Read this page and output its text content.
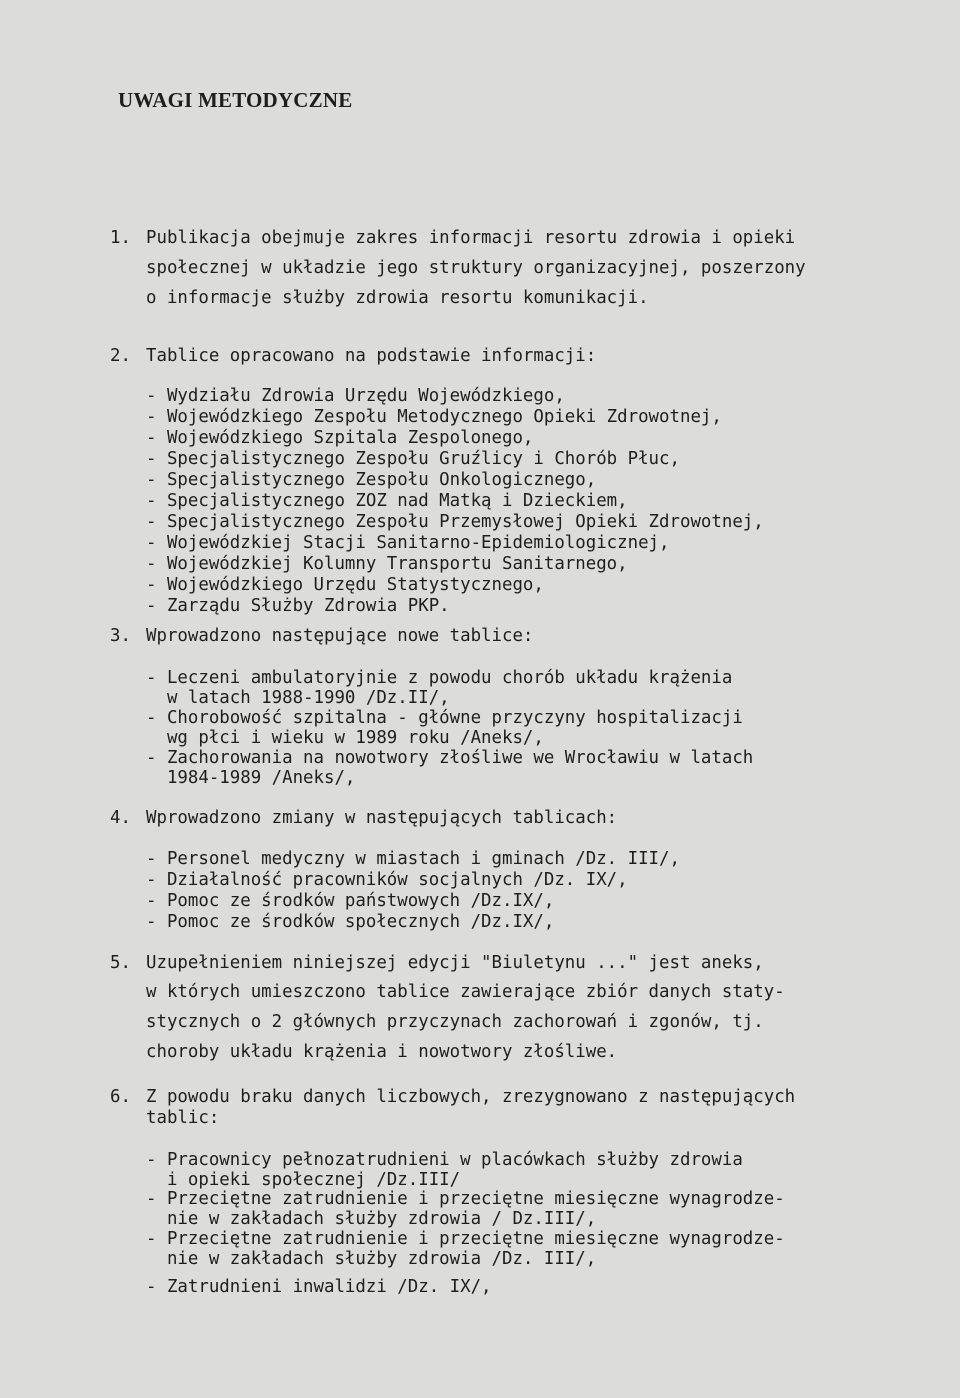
UWAGI METODYCZNE
1. Publikacja obejmuje zakres informacji resortu zdrowia i opieki
społecznej w układzie jego struktury organizacyjnej, poszerzony
o informacje służby zdrowia resortu komunikacji.
2. Tablice opracowano na podstawie informacji:
- Wydziału Zdrowia Urzędu Wojewódzkiego,
- Wojewódzkiego Zespołu Metodycznego Opieki Zdrowotnej,
- Wojewódzkiego Szpitala Zespolonego,
- Specjalistycznego Zespołu Gruźlicy i Chorób Płuc,
- Specjalistycznego Zespołu Onkologicznego,
- Specjalistycznego ZOZ nad Matką i Dzieckiem,
- Specjalistycznego Zespołu Przemysłowej Opieki Zdrowotnej,
- Wojewódzkiej Stacji Sanitarno-Epidemiologicznej,
- Wojewódzkiej Kolumny Transportu Sanitarnego,
- Wojewódzkiego Urzędu Statystycznego,
- Zarządu Służby Zdrowia PKP.
3. Wprowadzono następujące nowe tablice:
- Leczeni ambulatoryjnie z powodu chorób układu krążenia
w latach 1988-1990 /Dz.II/,
- Chorobowość szpitalna - główne przyczyny hospitalizacji
wg płci i wieku w 1989 roku /Aneks/,
- Zachorowania na nowotwory złośliwe we Wrocławiu w latach
1984-1989 /Aneks/,
4. Wprowadzono zmiany w następujących tablicach:
- Personel medyczny w miastach i gminach /Dz. III/,
- Działalność pracowników socjalnych /Dz. IX/,
- Pomoc ze środków państwowych /Dz.IX/,
- Pomoc ze środków społecznych /Dz.IX/,
5. Uzupełnieniem niniejszej edycji "Biuletynu ..." jest aneks,
w których umieszczono tablice zawierające zbiór danych staty-
stycznych o 2 głównych przyczynach zachorowań i zgonów, tj.
choroby układu krążenia i nowotwory złośliwe.
6. Z powodu braku danych liczbowych, zrezygnowano z następujących
tablic:
- Pracownicy pełnozatrudnieni w placówkach służby zdrowia
i opieki społecznej /Dz.III/
- Przeciętne zatrudnienie i przeciętne miesięczne wynagrodze-
nie w zakładach służby zdrowia / Dz.III/,
- Przeciętne zatrudnienie i przeciętne miesięczne wynagrodze-
nie w zakładach służby zdrowia /Dz. III/,
- Zatrudnieni inwalidzi /Dz. IX/,
